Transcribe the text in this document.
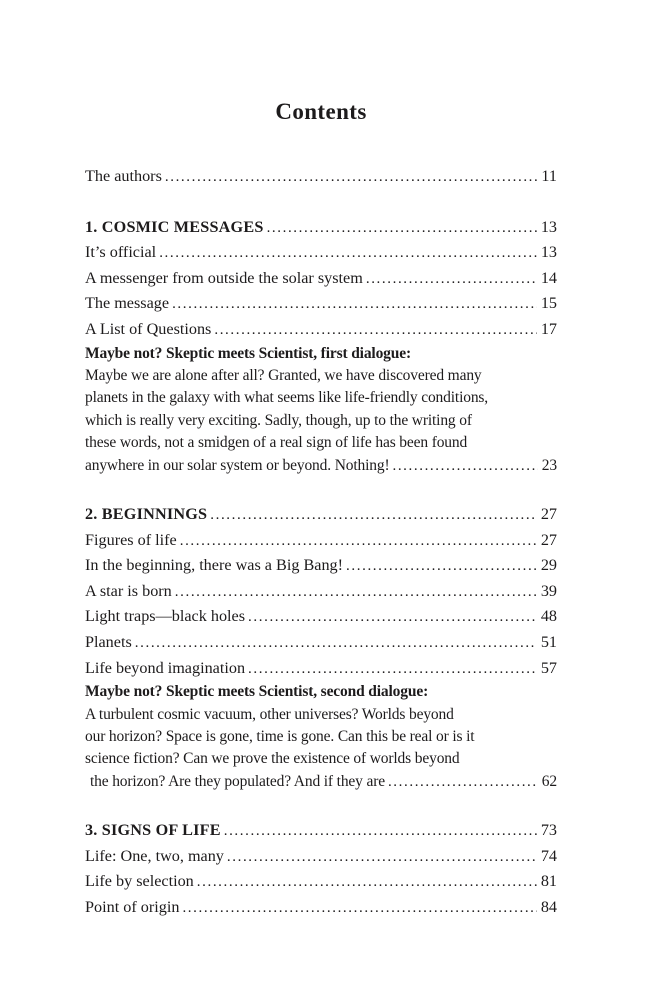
Contents
The authors .....	11
1. COSMIC MESSAGES .....	13
It’s official .....	13
A messenger from outside the solar system .....	14
The message .....	15
A List of Questions .....	17
Maybe not? Skeptic meets Scientist, first dialogue:
Maybe we are alone after all? Granted, we have discovered many
planets in the galaxy with what seems like life-friendly conditions,
which is really very exciting. Sadly, though, up to the writing of
these words, not a smidgen of a real sign of life has been found
anywhere in our solar system or beyond. Nothing! .....	23
2. BEGINNINGS .....	27
Figures of life .....	27
In the beginning, there was a Big Bang! .....	29
A star is born .....	39
Light traps—black holes .....	48
Planets .....	51
Life beyond imagination .....	57
Maybe not? Skeptic meets Scientist, second dialogue:
A turbulent cosmic vacuum, other universes? Worlds beyond
our horizon? Space is gone, time is gone. Can this be real or is it
science fiction? Can we prove the existence of worlds beyond
the horizon? Are they populated? And if they are .....	62
3. SIGNS OF LIFE .....	73
Life: One, two, many .....	74
Life by selection .....	81
Point of origin .....	84
